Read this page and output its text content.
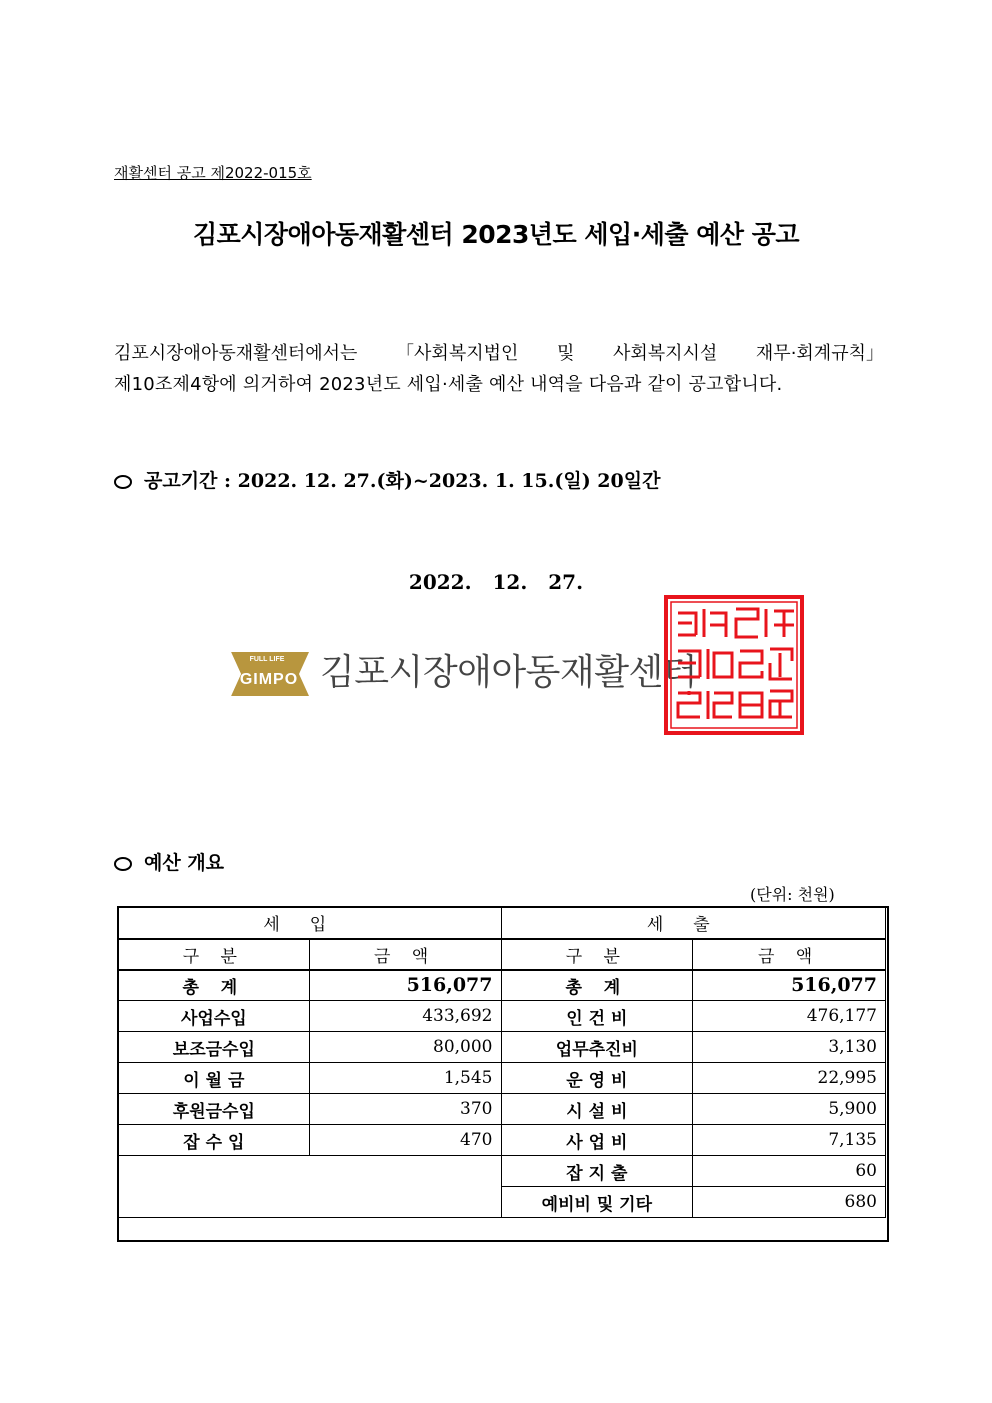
재활센터 공고 제2022-015호
김포시장애아동재활센터 2023년도 세입·세출 예산 공고
김포시장애아동재활센터에서는 「사회복지법인 및 사회복지시설 재무·회계규칙」
제10조제4항에 의거하여 2023년도 세입·세출 예산 내역을 다음과 같이 공고합니다.
공고기간 : 2022. 12. 27.(화)~2023. 1. 15.(일) 20일간
2022. 12. 27.
FULL LIFE
GIMPO 김포시장애아동재활센터
예산 개요
(단위: 천원)
세입		세출	
구 분	금 액	구 분	금 액
총 계	516,077	총 계	516,077
사업수입	433,692	인 건 비	476,177
보조금수입	80,000	업무추진비	3,130
이 월 금	1,545	운 영 비	22,995
후원금수입	370	시 설 비	5,900
잡 수 입	470	사 업 비	7,135
		잡 지 출	60
		예비비 및 기타	680
